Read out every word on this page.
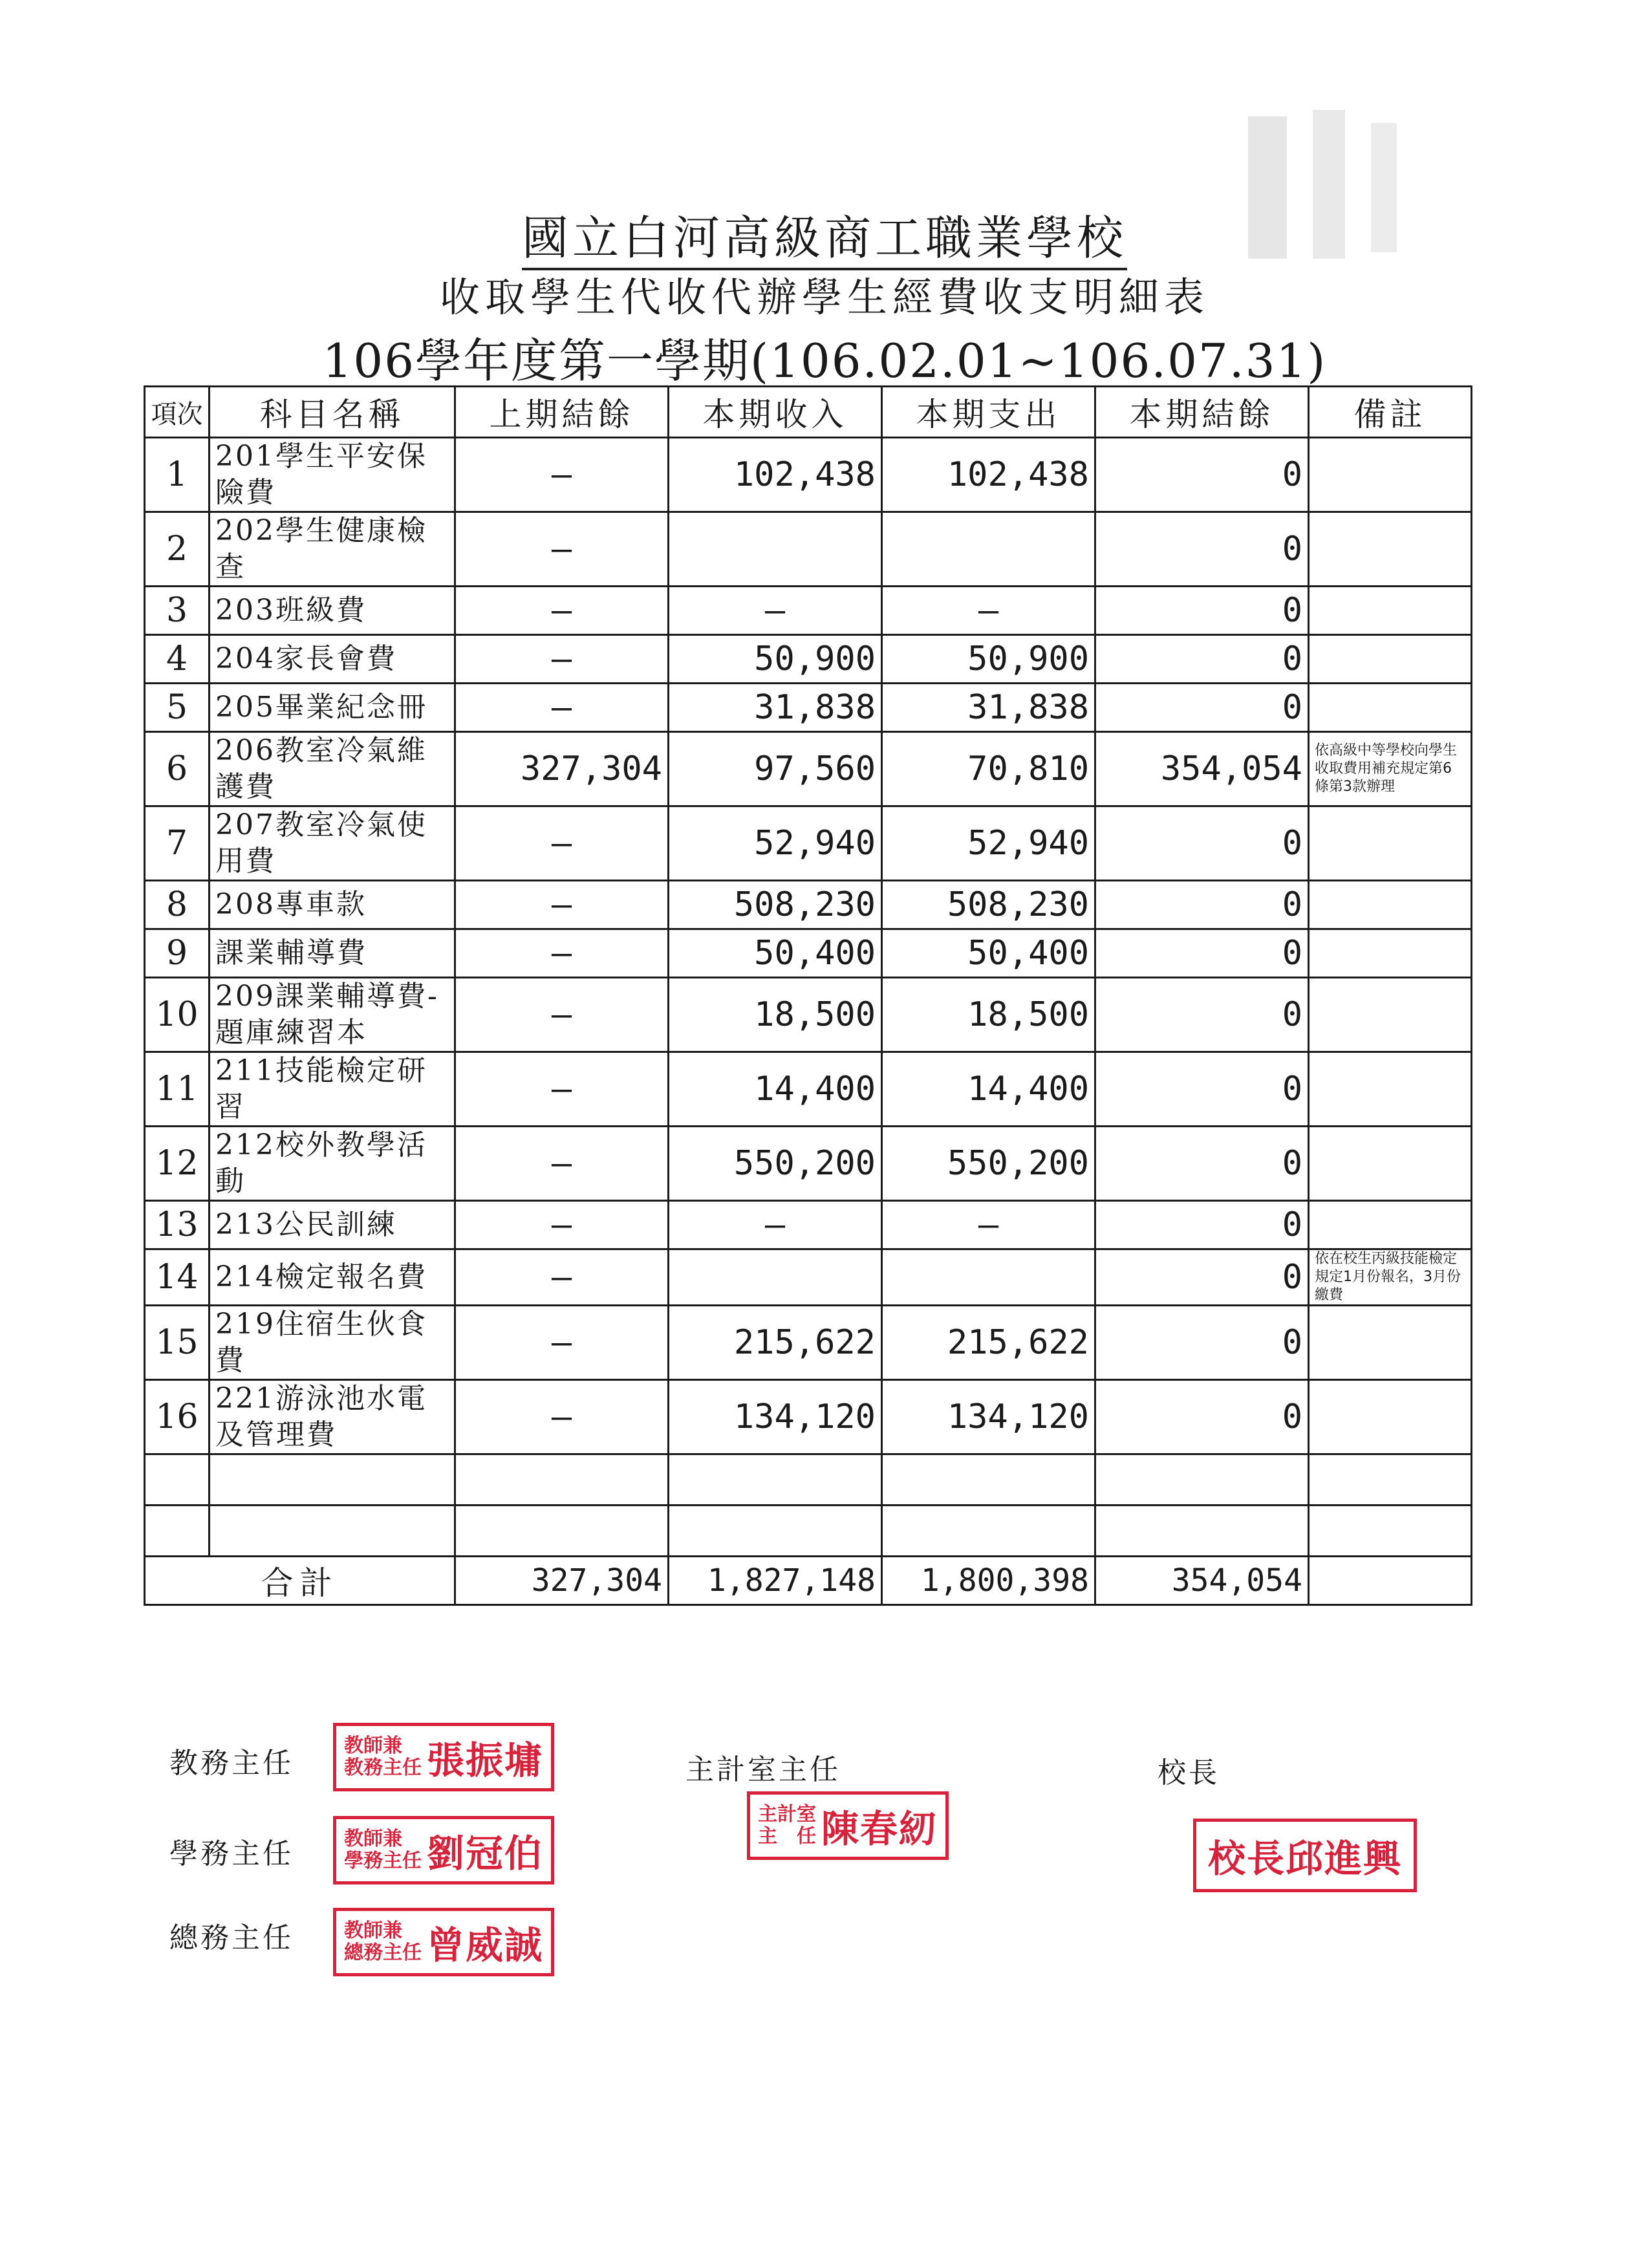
國立白河高級商工職業學校
收取學生代收代辦學生經費收支明細表
106學年度第一學期(106.02.01~106.07.31)
項次	科目名稱	上期結餘	本期收入	本期支出	本期結餘	備註
1	201學生平安保險費	–	102,438	102,438	0	
2	202學生健康檢查	–			0	
3	203班級費	–	–	–	0	
4	204家長會費	–	50,900	50,900	0	
5	205畢業紀念冊	–	31,838	31,838	0	
6	206教室冷氣維護費	327,304	97,560	70,810	354,054	依高級中等學校向學生收取費用補充規定第6條第3款辦理
7	207教室冷氣使用費	–	52,940	52,940	0	
8	208專車款	–	508,230	508,230	0	
9	課業輔導費	–	50,400	50,400	0	
10	209課業輔導費-題庫練習本	–	18,500	18,500	0	
11	211技能檢定研習	–	14,400	14,400	0	
12	212校外教學活動	–	550,200	550,200	0	
13	213公民訓練	–	–	–	0	
14	214檢定報名費	–			0	依在校生丙級技能檢定規定1月份報名，3月份繳費
15	219住宿生伙食費	–	215,622	215,622	0	
16	221游泳池水電及管理費	–	134,120	134,120	0	

合計		327,304	1,827,148	1,800,398	354,054	
教務主任
教師兼
教務主任 張振墉
學務主任	教師兼
學務主任 劉冠伯
總務主任	教師兼
總務主任 曾威誠
主計室主任
主計室
主　任 陳春紉
校長
校長邱進興
